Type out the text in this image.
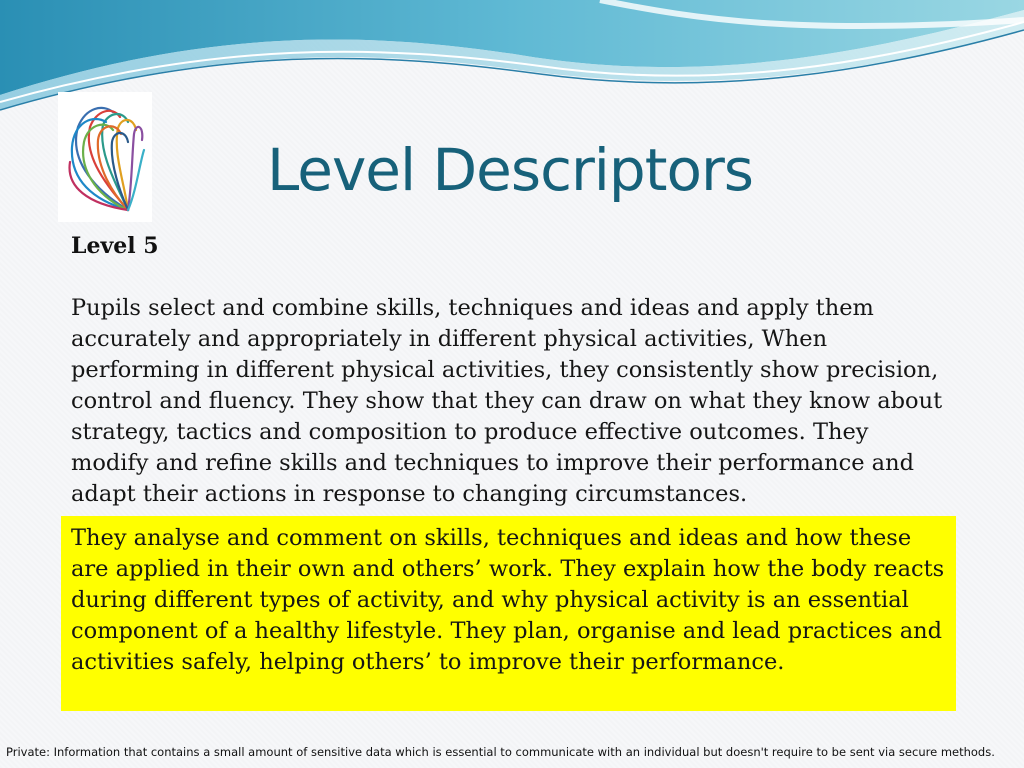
Level Descriptors
Level 5
Pupils select and combine skills, techniques and ideas and apply them accurately and appropriately in different physical activities, When performing in different physical activities, they consistently show precision, control and fluency. They show that they can draw on what they know about strategy, tactics and composition to produce effective outcomes. They modify and refine skills and techniques to improve their performance and adapt their actions in response to changing circumstances.
They analyse and comment on skills, techniques and ideas and how these are applied in their own and others’ work. They explain how the body reacts during different types of activity, and why physical activity is an essential component of a healthy lifestyle. They plan, organise and lead practices and activities safely, helping others’ to improve their performance.
Private: Information that contains a small amount of sensitive data which is essential to communicate with an individual but doesn't require to be sent via secure methods.
